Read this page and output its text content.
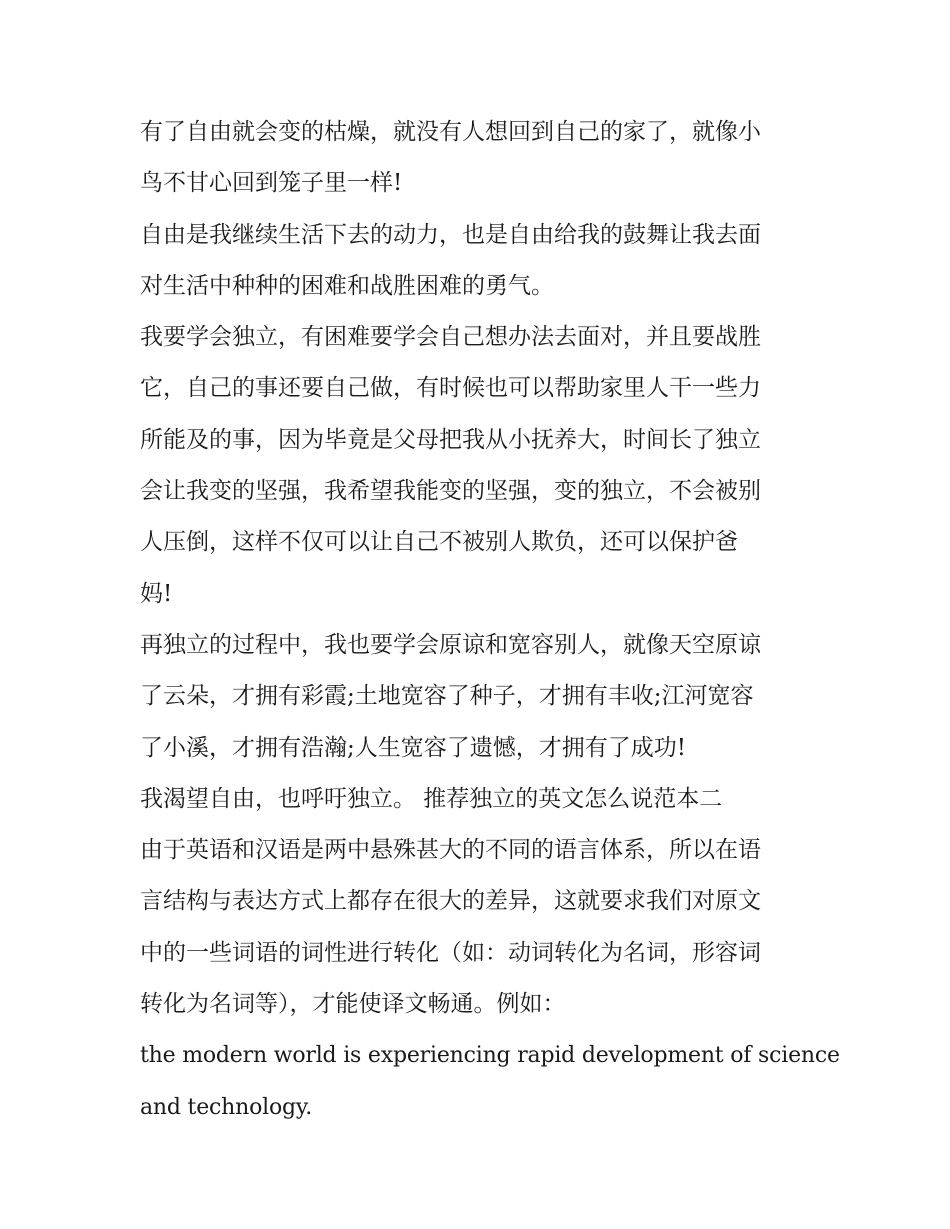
有了自由就会变的枯燥，就没有人想回到自己的家了，就像小
鸟不甘心回到笼子里一样!

自由是我继续生活下去的动力，也是自由给我的鼓舞让我去面
对生活中种种的困难和战胜困难的勇气。

我要学会独立，有困难要学会自己想办法去面对，并且要战胜
它，自己的事还要自己做，有时候也可以帮助家里人干一些力
所能及的事，因为毕竟是父母把我从小抚养大，时间长了独立
会让我变的坚强，我希望我能变的坚强，变的独立，不会被别
人压倒，这样不仅可以让自己不被别人欺负，还可以保护爸
妈!

再独立的过程中，我也要学会原谅和宽容别人，就像天空原谅
了云朵，才拥有彩霞;土地宽容了种子，才拥有丰收;江河宽容
了小溪，才拥有浩瀚;人生宽容了遗憾，才拥有了成功!

我渴望自由，也呼吁独立。 推荐独立的英文怎么说范本二

由于英语和汉语是两中悬殊甚大的不同的语言体系，所以在语
言结构与表达方式上都存在很大的差异，这就要求我们对原文
中的一些词语的词性进行转化（如：动词转化为名词，形容词
转化为名词等），才能使译文畅通。例如：

the modern world is experiencing rapid development of science
and technology.
